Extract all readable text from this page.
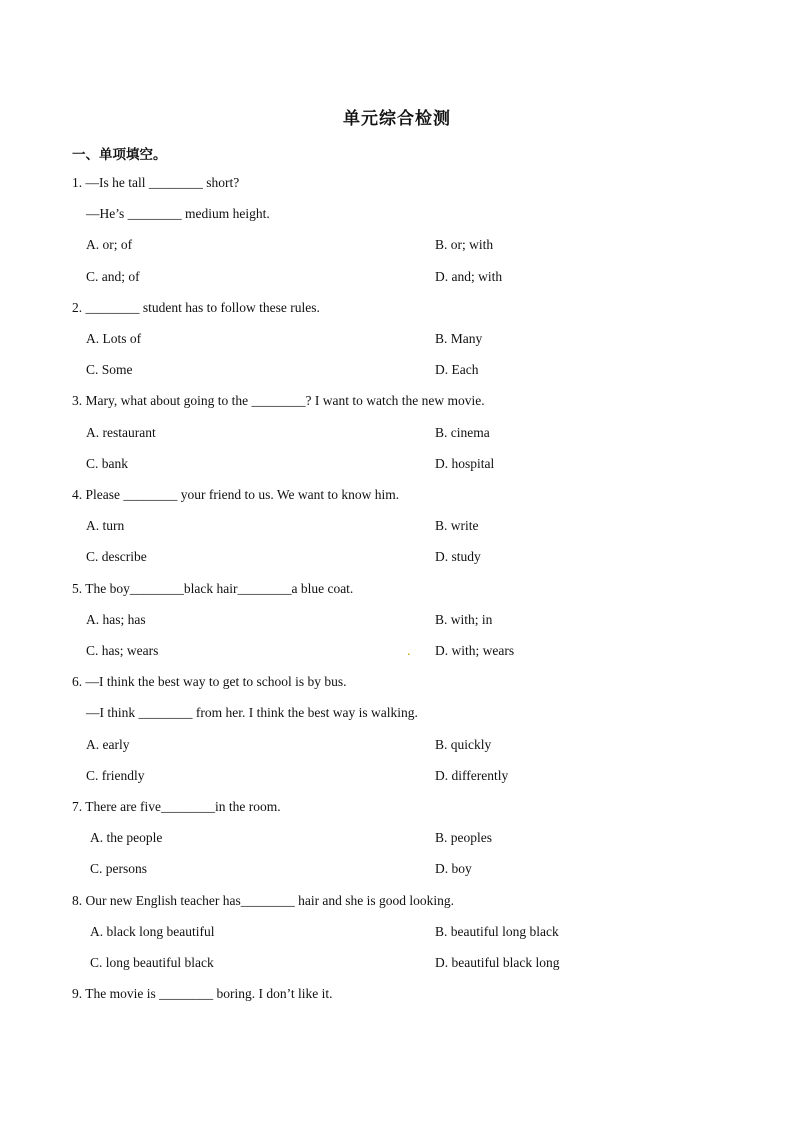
单元综合检测
一、单项填空。
1. —Is he tall ________ short?
—He’s ________ medium height.
A. or; of	B. or; with
C. and; of	D. and; with
2. ________ student has to follow these rules.
A. Lots of	B. Many
C. Some	D. Each
3. Mary, what about going to the ________? I want to watch the new movie.
A. restaurant	B. cinema
C. bank	D. hospital
4. Please ________ your friend to us. We want to know him.
A. turn	B. write
C. describe	D. study
5. The boy________black hair________a blue coat.
A. has; has	B. with; in
C. has; wears	D. with; wears
.
6. —I think the best way to get to school is by bus.
—I think ________ from her. I think the best way is walking.
A. early	B. quickly
C. friendly	D. differently
7. There are five________in the room.
A. the people	B. peoples
C. persons	D. boy
8. Our new English teacher has________ hair and she is good looking.
A. black long beautiful	B. beautiful long black
C. long beautiful black	D. beautiful black long
9. The movie is ________ boring. I don’t like it.
